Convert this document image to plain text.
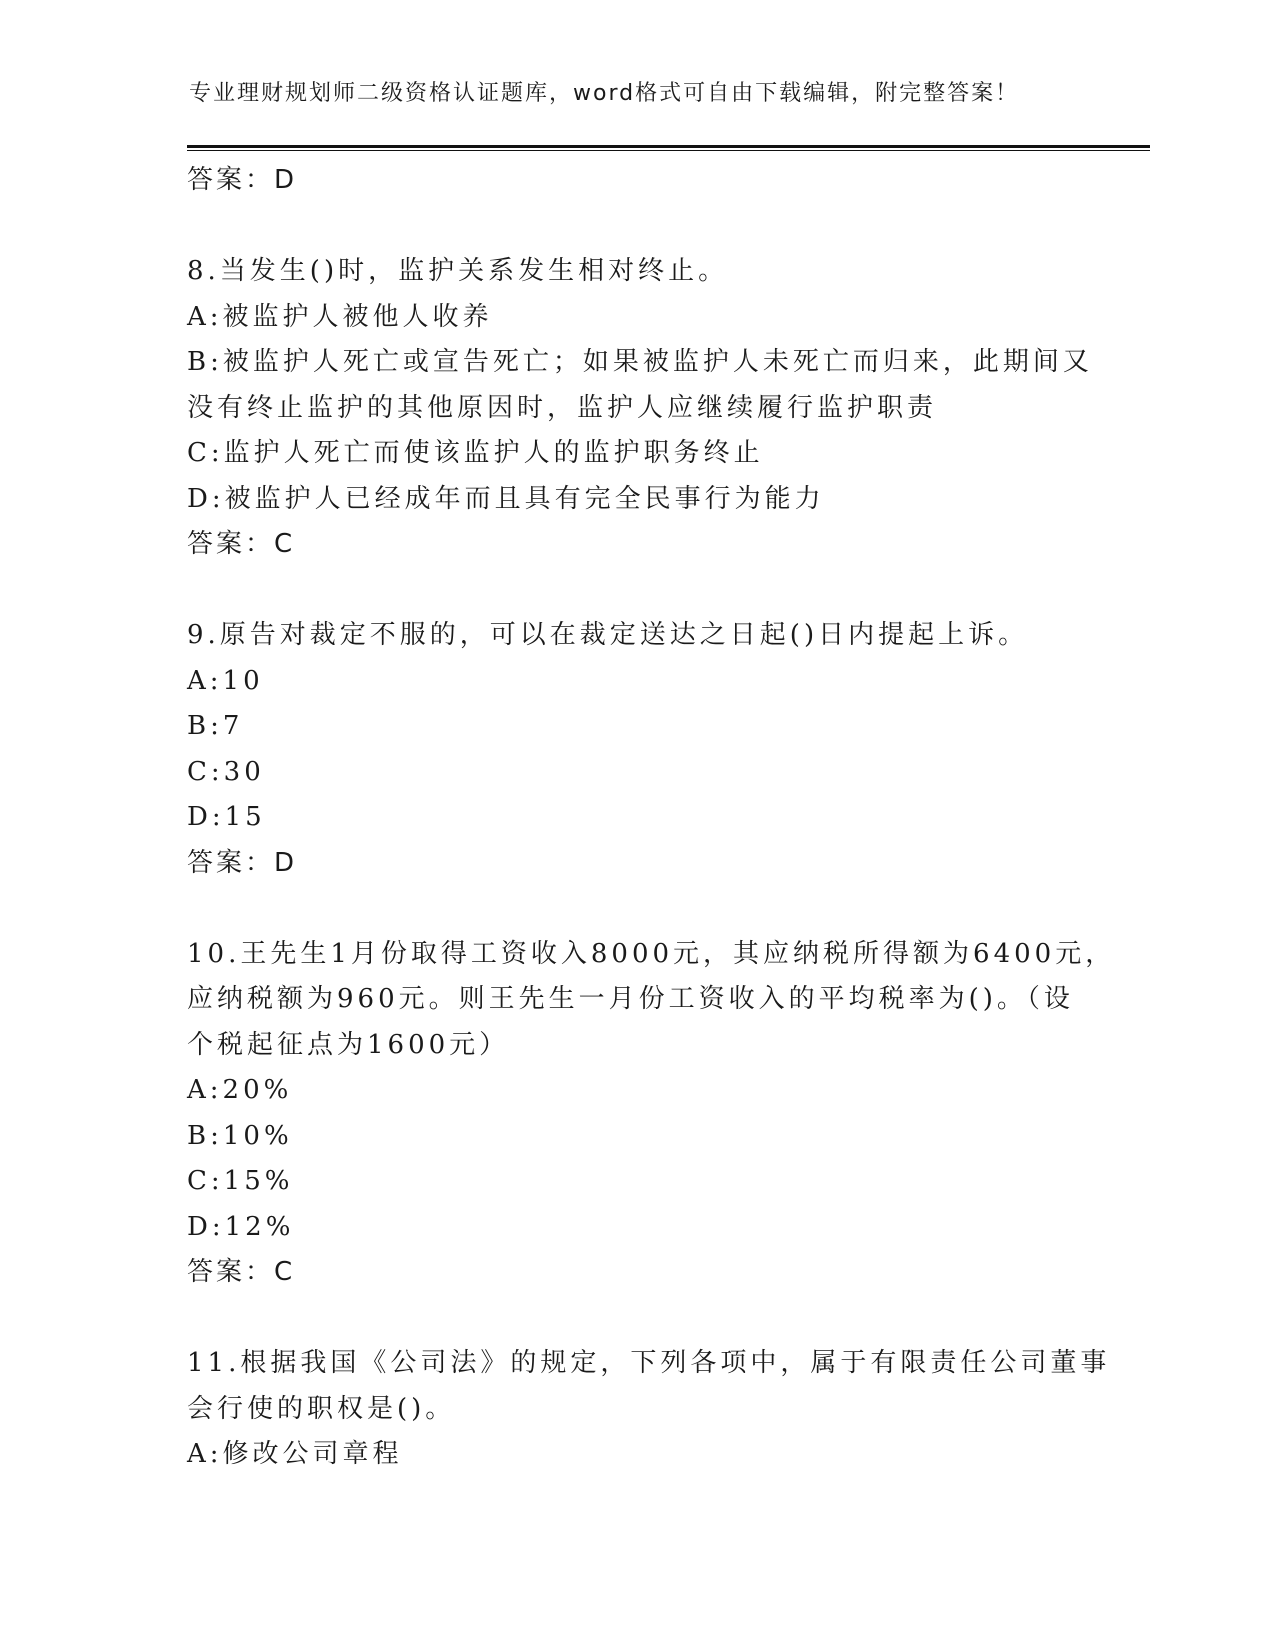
专业理财规划师二级资格认证题库，word格式可自由下载编辑，附完整答案！
答案：D
8.当发生()时，监护关系发生相对终止。
A:被监护人被他人收养
B:被监护人死亡或宣告死亡；如果被监护人未死亡而归来，此期间又
没有终止监护的其他原因时，监护人应继续履行监护职责
C:监护人死亡而使该监护人的监护职务终止
D:被监护人已经成年而且具有完全民事行为能力
答案：C
9.原告对裁定不服的，可以在裁定送达之日起()日内提起上诉。
A:10
B:7
C:30
D:15
答案：D
10.王先生1月份取得工资收入8000元，其应纳税所得额为6400元，
应纳税额为960元。则王先生一月份工资收入的平均税率为()。（设
个税起征点为1600元）
A:20%
B:10%
C:15%
D:12%
答案：C
11.根据我国《公司法》的规定，下列各项中，属于有限责任公司董事
会行使的职权是()。
A:修改公司章程
